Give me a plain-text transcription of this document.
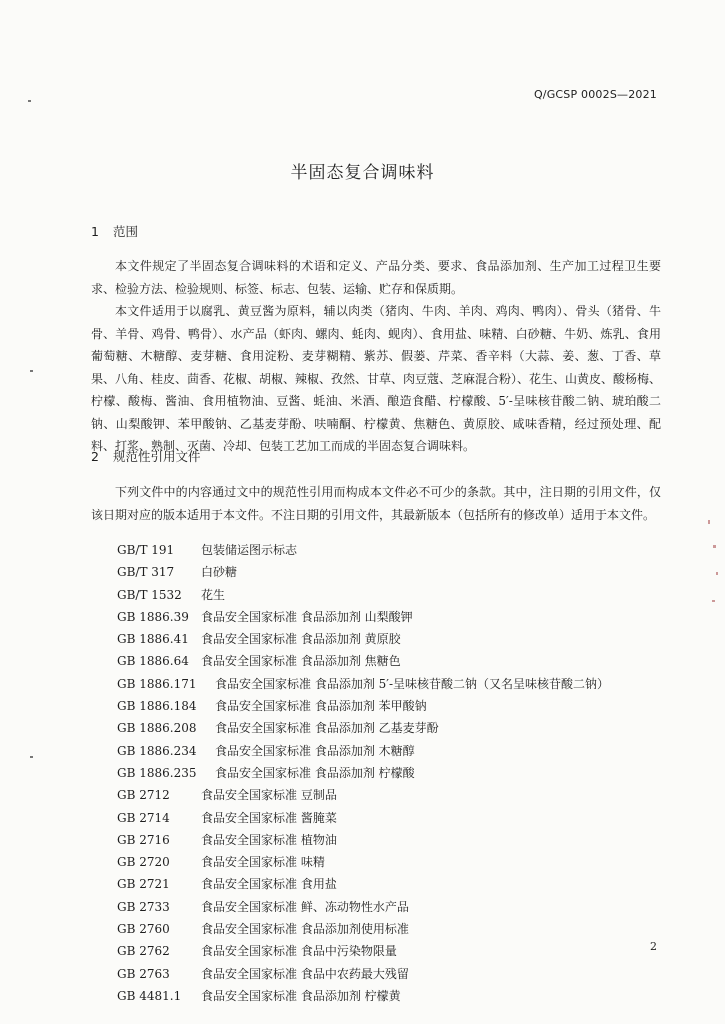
Q/GCSP 0002S—2021
半固态复合调味料
1 范围

本文件规定了半固态复合调味料的术语和定义、产品分类、要求、食品添加剂、生产加工过程卫生要求、检验方法、检验规则、标签、标志、包装、运输、贮存和保质期。

本文件适用于以腐乳、黄豆酱为原料，辅以肉类（猪肉、牛肉、羊肉、鸡肉、鸭肉）、骨头（猪骨、牛骨、羊骨、鸡骨、鸭骨）、水产品（虾肉、螺肉、蚝肉、蚬肉）、食用盐、味精、白砂糖、牛奶、炼乳、食用葡萄糖、木糖醇、麦芽糖、食用淀粉、麦芽糊精、紫苏、假蒌、芹菜、香辛料（大蒜、姜、葱、丁香、草果、八角、桂皮、茴香、花椒、胡椒、辣椒、孜然、甘草、肉豆蔻、芝麻混合粉）、花生、山黄皮、酸杨梅、柠檬、酸梅、酱油、食用植物油、豆酱、蚝油、米酒、酿造食醋、柠檬酸、5′-呈味核苷酸二钠、琥珀酸二钠、山梨酸钾、苯甲酸钠、乙基麦芽酚、呋喃酮、柠檬黄、焦糖色、黄原胶、咸味香精，经过预处理、配料、打浆、熟制、灭菌、冷却、包装工艺加工而成的半固态复合调味料。

2 规范性引用文件

下列文件中的内容通过文中的规范性引用而构成本文件必不可少的条款。其中，注日期的引用文件，仅该日期对应的版本适用于本文件。不注日期的引用文件，其最新版本（包括所有的修改单）适用于本文件。

GB/T 191 包装储运图示标志
GB/T 317 白砂糖
GB/T 1532 花生
GB 1886.39 食品安全国家标准 食品添加剂 山梨酸钾
GB 1886.41 食品安全国家标准 食品添加剂 黄原胶
GB 1886.64 食品安全国家标准 食品添加剂 焦糖色
GB 1886.171 食品安全国家标准 食品添加剂 5′-呈味核苷酸二钠（又名呈味核苷酸二钠）
GB 1886.184 食品安全国家标准 食品添加剂 苯甲酸钠
GB 1886.208 食品安全国家标准 食品添加剂 乙基麦芽酚
GB 1886.234 食品安全国家标准 食品添加剂 木糖醇
GB 1886.235 食品安全国家标准 食品添加剂 柠檬酸
GB 2712	食品安全国家标准 豆制品
GB 2714	食品安全国家标准 酱腌菜
GB 2716	食品安全国家标准 植物油
GB 2720	食品安全国家标准 味精
GB 2721	食品安全国家标准 食用盐
GB 2733	食品安全国家标准 鲜、冻动物性水产品
GB 2760	食品安全国家标准 食品添加剂使用标准
GB 2762	食品安全国家标准 食品中污染物限量
GB 2763	食品安全国家标准 食品中农药最大残留
GB 4481.1 食品安全国家标准 食品添加剂 柠檬黄
2
